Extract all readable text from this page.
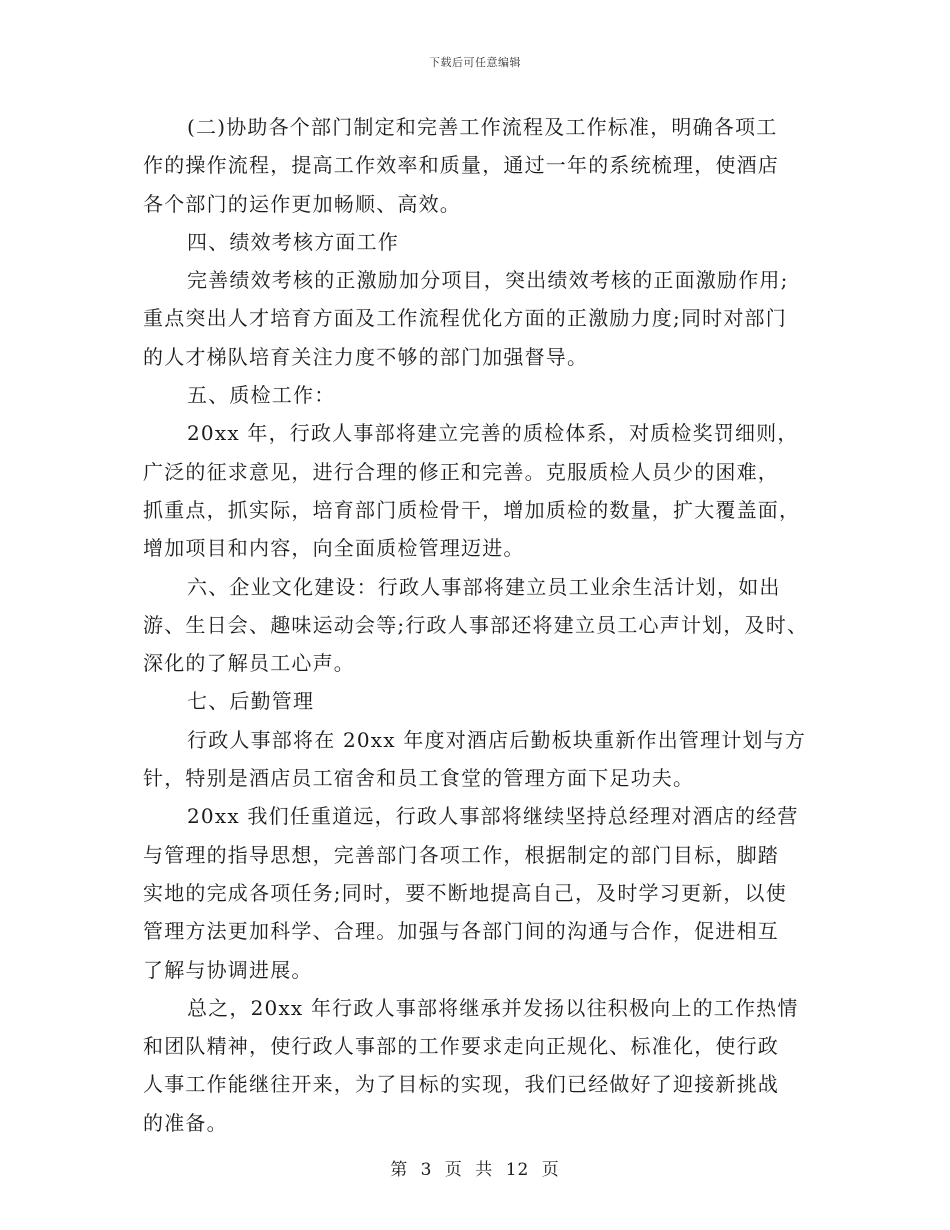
下载后可任意编辑
(二)协助各个部门制定和完善工作流程及工作标准，明确各项工
作的操作流程，提高工作效率和质量，通过一年的系统梳理，使酒店
各个部门的运作更加畅顺、高效。
四、绩效考核方面工作
完善绩效考核的正激励加分项目，突出绩效考核的正面激励作用;
重点突出人才培育方面及工作流程优化方面的正激励力度;同时对部门
的人才梯队培育关注力度不够的部门加强督导。
五、质检工作：
20xx 年，行政人事部将建立完善的质检体系，对质检奖罚细则，
广泛的征求意见，进行合理的修正和完善。克服质检人员少的困难，
抓重点，抓实际，培育部门质检骨干，增加质检的数量，扩大覆盖面，
增加项目和内容，向全面质检管理迈进。
六、企业文化建设：行政人事部将建立员工业余生活计划，如出
游、生日会、趣味运动会等;行政人事部还将建立员工心声计划，及时、
深化的了解员工心声。
七、后勤管理
行政人事部将在 20xx 年度对酒店后勤板块重新作出管理计划与方
针，特别是酒店员工宿舍和员工食堂的管理方面下足功夫。
20xx 我们任重道远，行政人事部将继续坚持总经理对酒店的经营
与管理的指导思想，完善部门各项工作，根据制定的部门目标，脚踏
实地的完成各项任务;同时，要不断地提高自己，及时学习更新，以使
管理方法更加科学、合理。加强与各部门间的沟通与合作，促进相互
了解与协调进展。
总之，20xx 年行政人事部将继承并发扬以往积极向上的工作热情
和团队精神，使行政人事部的工作要求走向正规化、标准化，使行政
人事工作能继往开来，为了目标的实现，我们已经做好了迎接新挑战
的准备。
第 3 页 共 12 页
